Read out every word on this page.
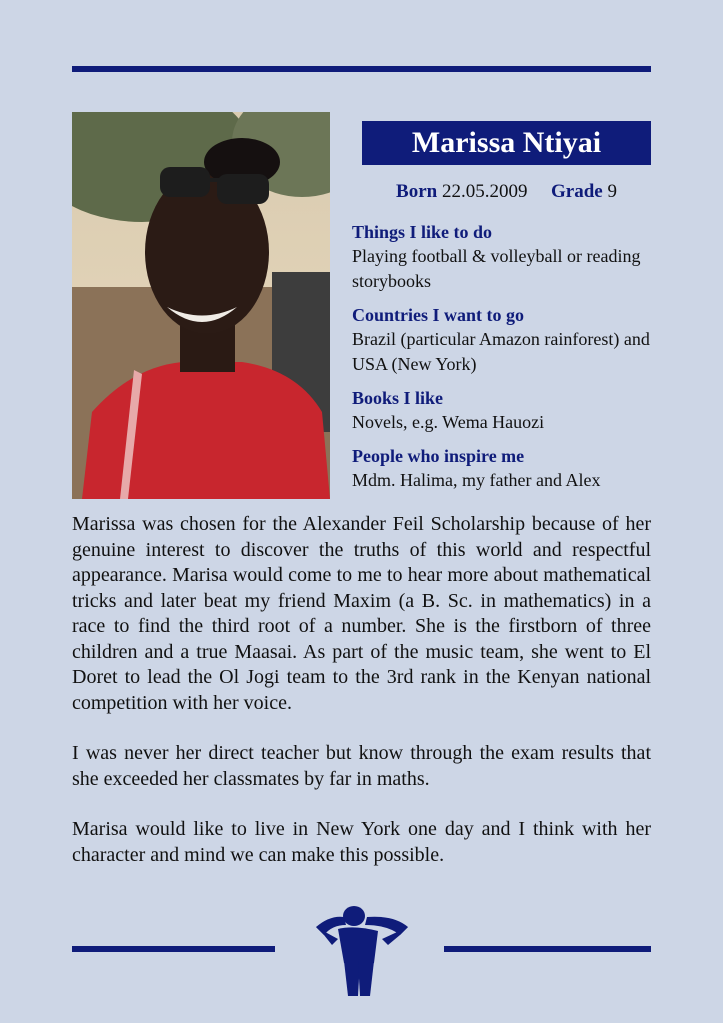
Marissa Ntiyai
Born 22.05.2009 Grade 9
Things I like to do
Playing football & volleyball or reading storybooks
Countries I want to go
Brazil (particular Amazon rainforest) and USA (New York)
Books I like
Novels, e.g. Wema Hauozi
People who inspire me
Mdm. Halima, my father and Alex

Marissa was chosen for the Alexander Feil Scholarship because of her genuine interest to discover the truths of this world and respectful appearance. Marisa would come to me to hear more about mathematical tricks and later beat my friend Maxim (a B. Sc. in mathematics) in a race to find the third root of a number. She is the firstborn of three children and a true Maasai. As part of the music team, she went to El Doret to lead the Ol Jogi team to the 3rd rank in the Kenyan national competition with her voice.

I was never her direct teacher but know through the exam results that she exceeded her classmates by far in maths.

Marisa would like to live in New York one day and I think with her character and mind we can make this possible.
